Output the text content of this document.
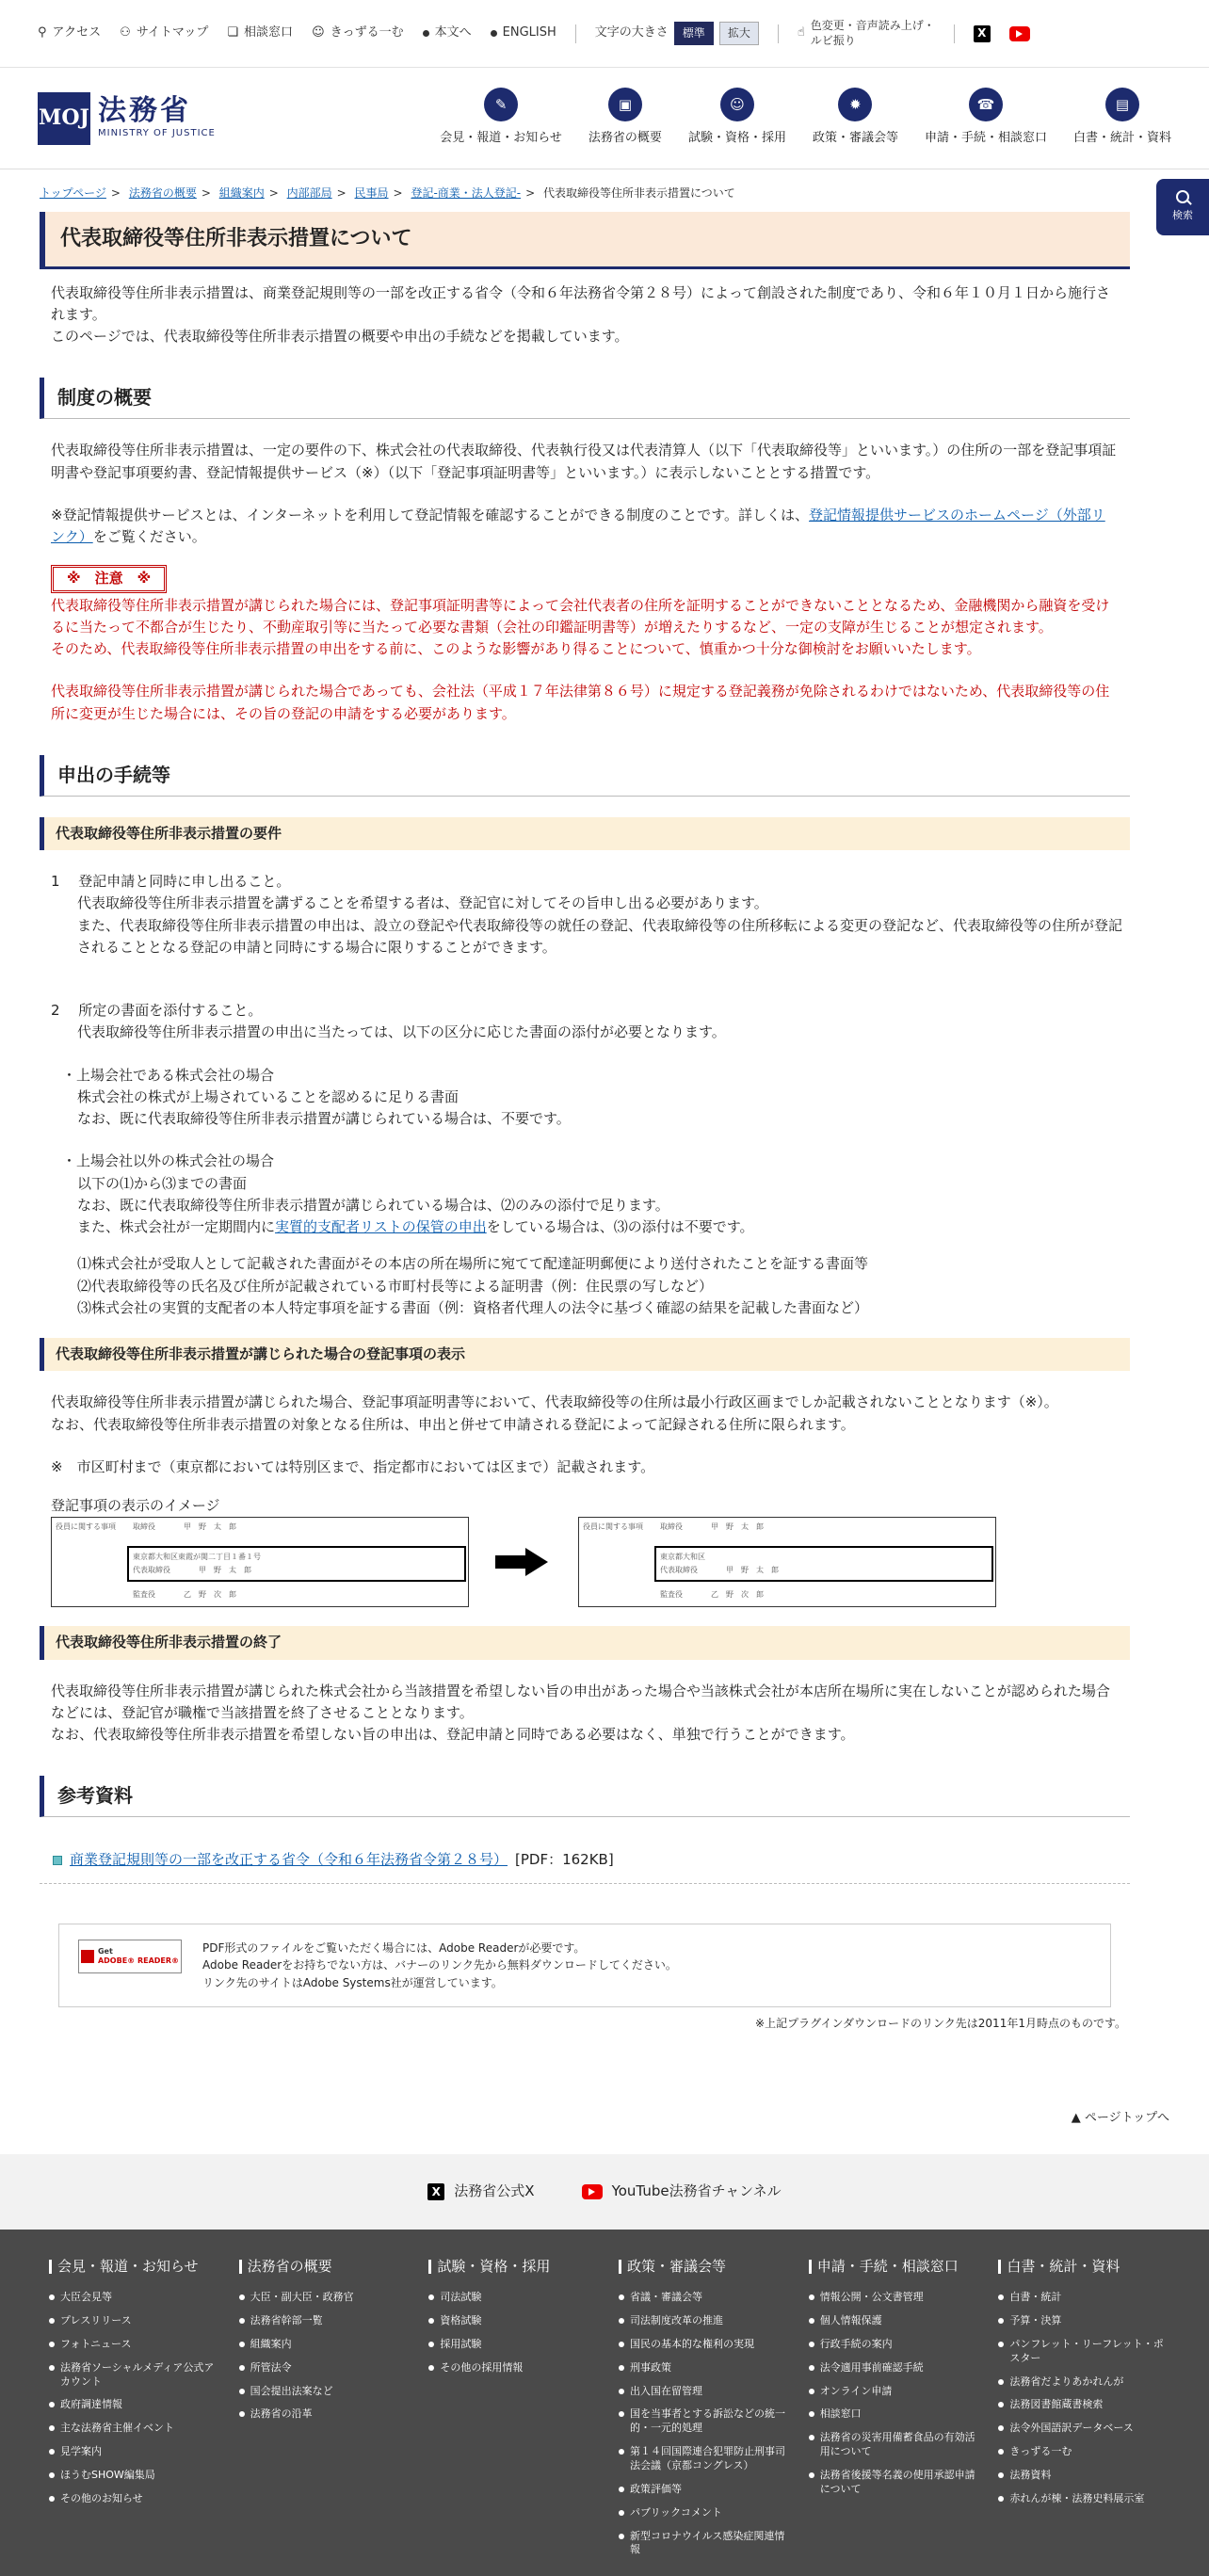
⚲ アクセス ⚇ サイトマップ ❏ 相談窓口 ☺ きっずる一む	本文へ	ENGLISH	文字の大きさ	標準	拡大	☝
色変更・音声読み上げ・
ルビ振り
X
MOJ 法務省
MINISTRY OF JUSTICE
✎
会見・報道・お知らせ
▣
法務省の概要
☺
試験・資格・採用
✹
政策・審議会等
☎
申請・手続・相談窓口
▤
白書・統計・資料
検索
トップページ > 法務省の概要 > 組織案内 > 内部部局 > 民事局 > 登記-商業・法人登記- > 代表取締役等住所非表示措置について
代表取締役等住所非表示措置について
代表取締役等住所非表示措置は、商業登記規則等の一部を改正する省令（令和６年法務省令第２８号）によって創設された制度であり、令和６年１０月１日から施行されます。
このページでは、代表取締役等住所非表示措置の概要や申出の手続などを掲載しています。
制度の概要
代表取締役等住所非表示措置は、一定の要件の下、株式会社の代表取締役、代表執行役又は代表清算人（以下「代表取締役等」といいます。）の住所の一部を登記事項証明書や登記事項要約書、登記情報提供サービス（※）（以下「登記事項証明書等」といいます。）に表示しないこととする措置です。
※登記情報提供サービスとは、インターネットを利用して登記情報を確認することができる制度のことです。詳しくは、登記情報提供サービスのホームページ（外部リンク）をご覧ください。
※　注意　※
代表取締役等住所非表示措置が講じられた場合には、登記事項証明書等によって会社代表者の住所を証明することができないこととなるため、金融機関から融資を受けるに当たって不都合が生じたり、不動産取引等に当たって必要な書類（会社の印鑑証明書等）が増えたりするなど、一定の支障が生じることが想定されます。
そのため、代表取締役等住所非表示措置の申出をする前に、このような影響があり得ることについて、慎重かつ十分な御検討をお願いいたします。
代表取締役等住所非表示措置が講じられた場合であっても、会社法（平成１７年法律第８６号）に規定する登記義務が免除されるわけではないため、代表取締役等の住所に変更が生じた場合には、その旨の登記の申請をする必要があります。
申出の手続等
代表取締役等住所非表示措置の要件
1　 登記申請と同時に申し出ること。
代表取締役等住所非表示措置を講ずることを希望する者は、登記官に対してその旨申し出る必要があります。
また、代表取締役等住所非表示措置の申出は、設立の登記や代表取締役等の就任の登記、代表取締役等の住所移転による変更の登記など、代表取締役等の住所が登記されることとなる登記の申請と同時にする場合に限りすることができます。
2　 所定の書面を添付すること。
代表取締役等住所非表示措置の申出に当たっては、以下の区分に応じた書面の添付が必要となります。
・上場会社である株式会社の場合
株式会社の株式が上場されていることを認めるに足りる書面
なお、既に代表取締役等住所非表示措置が講じられている場合は、不要です。
・上場会社以外の株式会社の場合
以下の⑴から⑶までの書面
なお、既に代表取締役等住所非表示措置が講じられている場合は、⑵のみの添付で足ります。
また、株式会社が一定期間内に実質的支配者リストの保管の申出をしている場合は、⑶の添付は不要です。
⑴株式会社が受取人として記載された書面がその本店の所在場所に宛てて配達証明郵便により送付されたことを証する書面等
⑵代表取締役等の氏名及び住所が記載されている市町村長等による証明書（例：住民票の写しなど）
⑶株式会社の実質的支配者の本人特定事項を証する書面（例：資格者代理人の法令に基づく確認の結果を記載した書面など）
代表取締役等住所非表示措置が講じられた場合の登記事項の表示
代表取締役等住所非表示措置が講じられた場合、登記事項証明書等において、代表取締役等の住所は最小行政区画までしか記載されないこととなります（※）。
なお、代表取締役等住所非表示措置の対象となる住所は、申出と併せて申請される登記によって記録される住所に限られます。
※　市区町村まで（東京都においては特別区まで、指定都市においては区まで）記載されます。
登記事項の表示のイメージ
役員に関する事項 取締役	甲　野　太　郎
東京都大和区東霞が関二丁目１番１号
代表取締役	甲　野　太　郎
監査役	乙　野　次　郎
役員に関する事項 取締役	甲　野　太　郎
東京都大和区
代表取締役	甲　野　太　郎
監査役	乙　野　次　郎
代表取締役等住所非表示措置の終了
代表取締役等住所非表示措置が講じられた株式会社から当該措置を希望しない旨の申出があった場合や当該株式会社が本店所在場所に実在しないことが認められた場合などには、登記官が職権で当該措置を終了させることとなります。
なお、代表取締役等住所非表示措置を希望しない旨の申出は、登記申請と同時である必要はなく、単独で行うことができます。
参考資料
商業登記規則等の一部を改正する省令（令和６年法務省令第２８号） [PDF：162KB]
Get
ADOBE® READER®
PDF形式のファイルをご覧いただく場合には、Adobe Readerが必要です。
Adobe Readerをお持ちでない方は、バナーのリンク先から無料ダウンロードしてください。
リンク先のサイトはAdobe Systems社が運営しています。
※上記プラグインダウンロードのリンク先は2011年1月時点のものです。
▲ ページトップへ
X 法務省公式X	YouTube法務省チャンネル
会見・報道・お知らせ
大臣会見等
プレスリリース
フォトニュース
法務省ソーシャルメディア公式アカウント
政府調達情報
主な法務省主催イベント
見学案内
ほうむSHOW編集局
その他のお知らせ
法務省の概要
大臣・副大臣・政務官
法務省幹部一覧
組織案内
所管法令
国会提出法案など
法務省の沿革
試験・資格・採用
司法試験
資格試験
採用試験
その他の採用情報
政策・審議会等
省議・審議会等
司法制度改革の推進
国民の基本的な権利の実現
刑事政策
出入国在留管理
国を当事者とする訴訟などの統一的・一元的処理
第１４回国際連合犯罪防止刑事司法会議（京都コングレス）
政策評価等
パブリックコメント
新型コロナウイルス感染症関連情報
申請・手続・相談窓口
情報公開・公文書管理
個人情報保護
行政手続の案内
法令適用事前確認手続
オンライン申請
相談窓口
法務省の災害用備蓄食品の有効活用について
法務省後援等名義の使用承認申請について
白書・統計・資料
白書・統計
予算・決算
パンフレット・リーフレット・ポスター
法務省だよりあかれんが
法務図書館蔵書検索
法令外国語訳データベース
きっずる一む
法務資料
赤れんが棟・法務史料展示室
